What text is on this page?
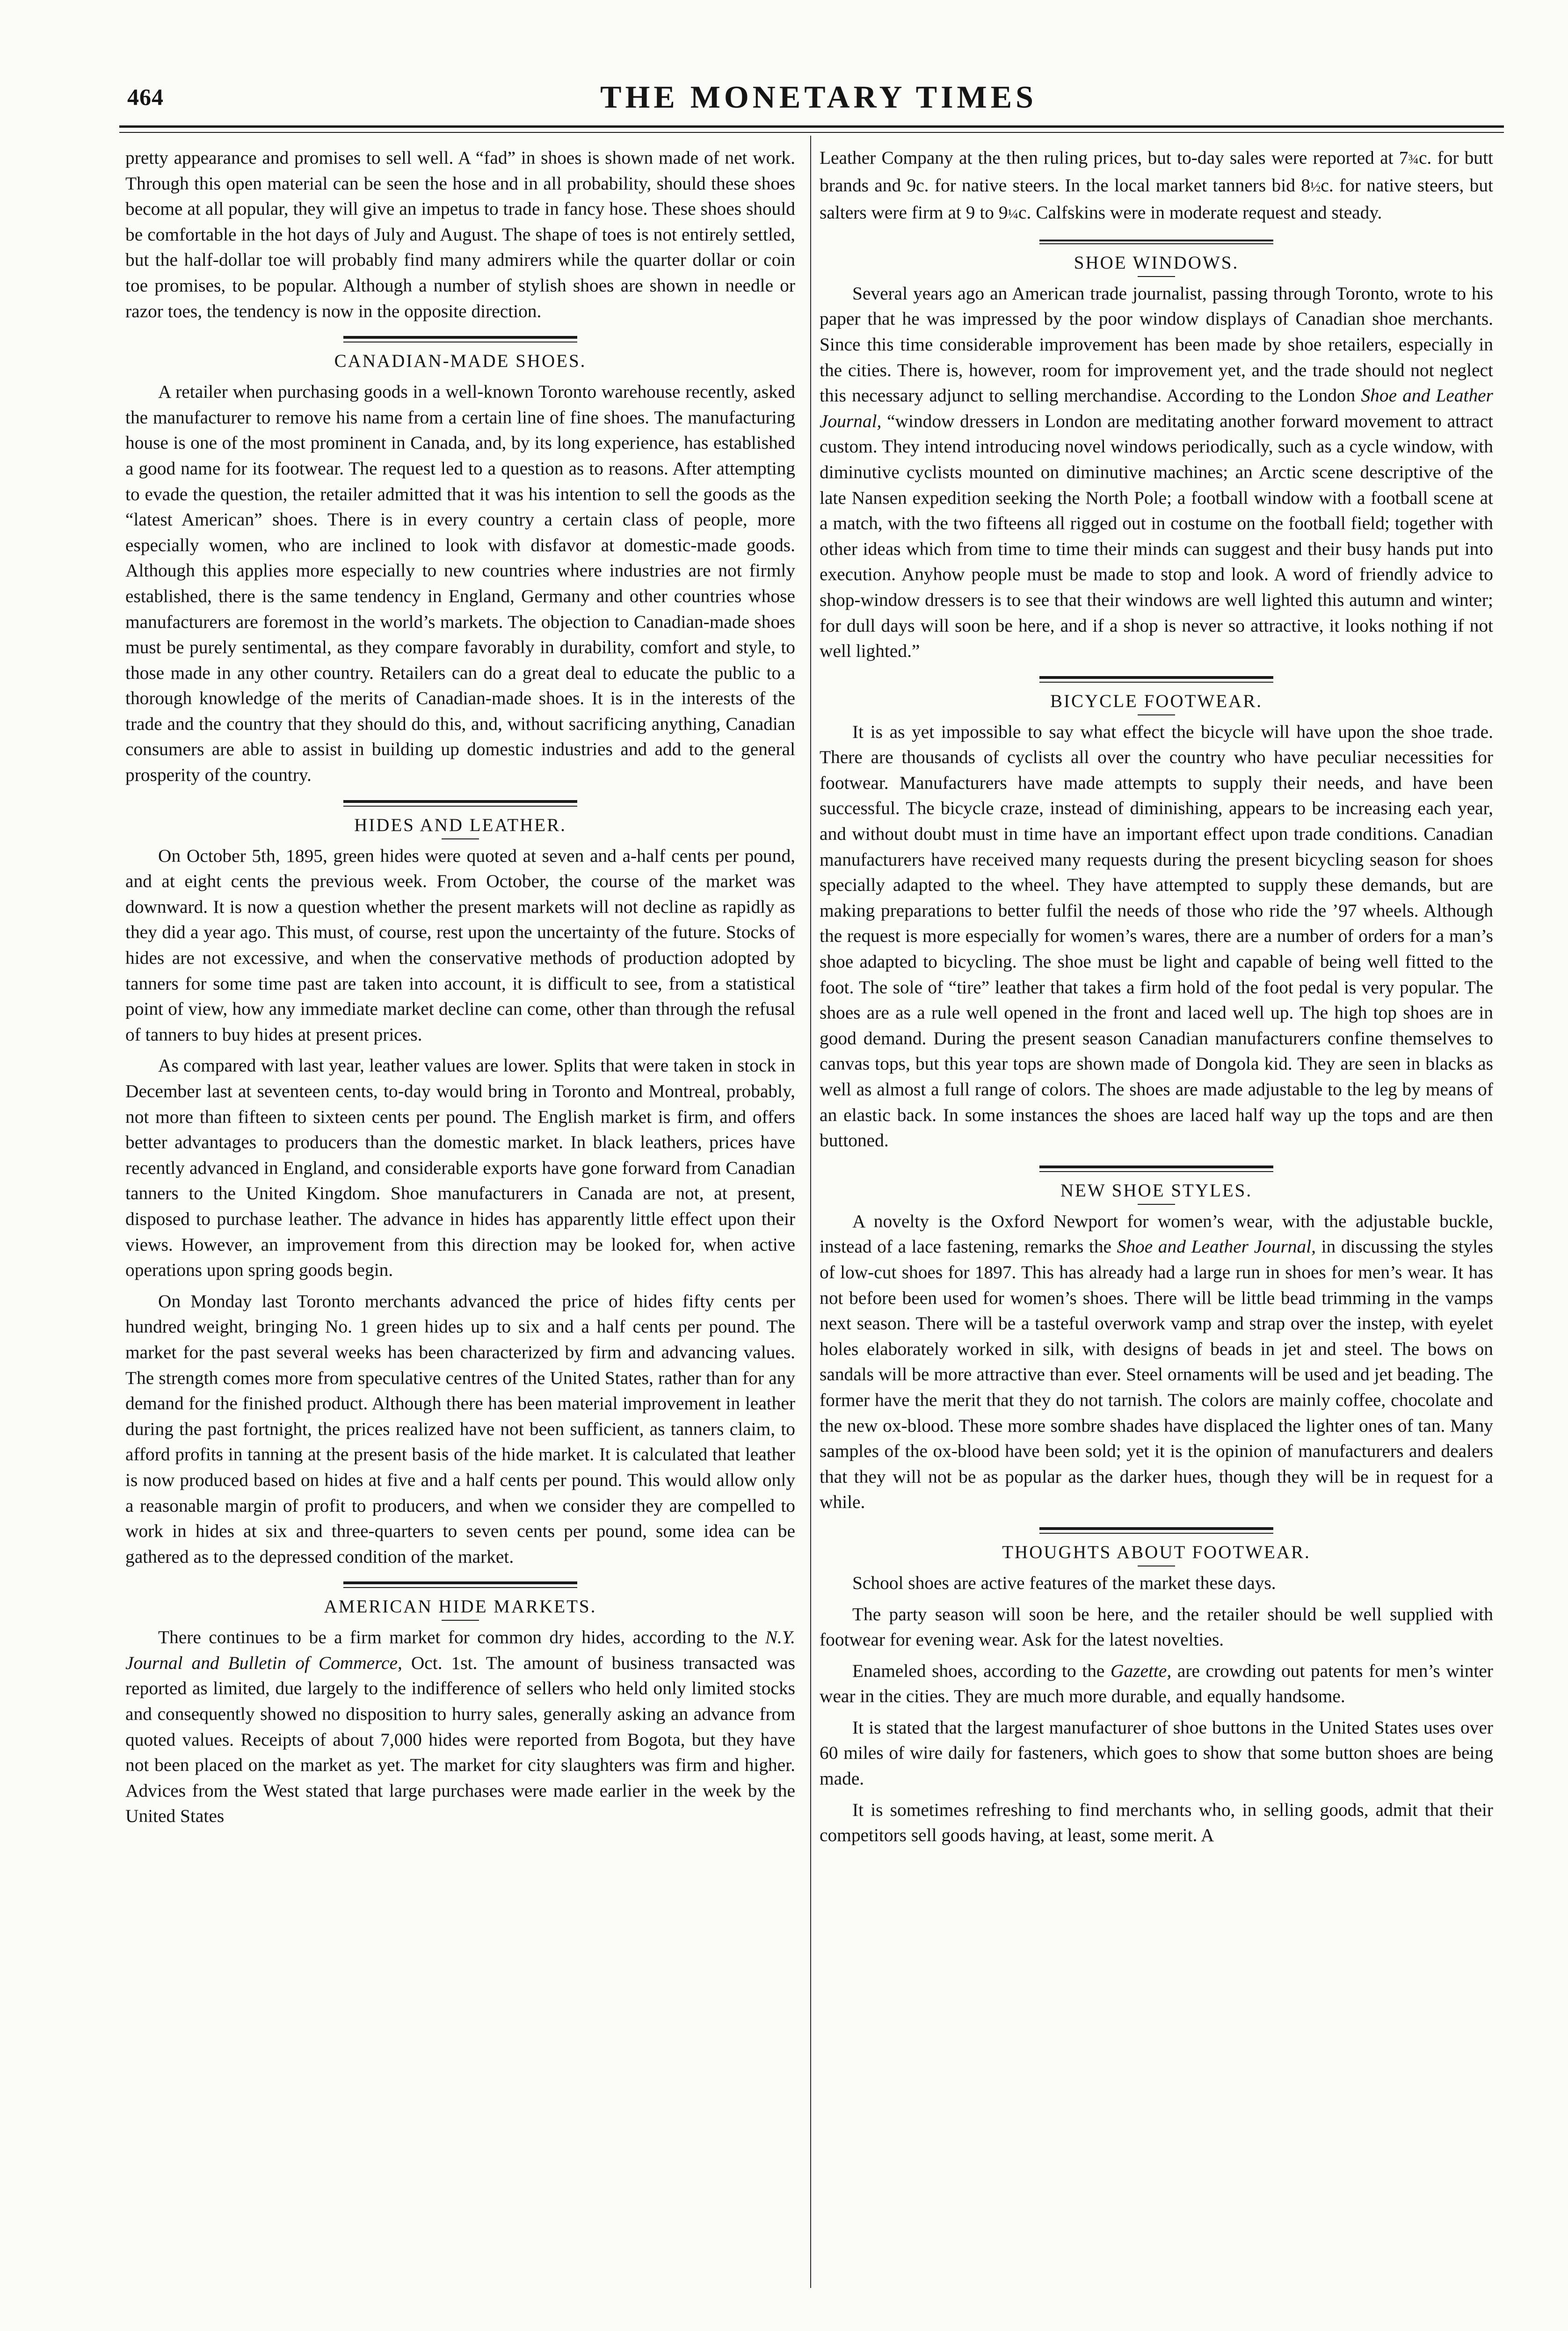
464	THE MONETARY TIMES

pretty appearance and promises to sell well. A “fad” in shoes is shown made of net work. Through this open material can be seen the hose and in all probability, should these shoes become at all popular, they will give an impetus to trade in fancy hose. These shoes should be comfortable in the hot days of July and August. The shape of toes is not entirely settled, but the half-dollar toe will probably find many admirers while the quarter dollar or coin toe promises, to be popular. Although a number of stylish shoes are shown in needle or razor toes, the tendency is now in the opposite direction.

CANADIAN-MADE SHOES.

A retailer when purchasing goods in a well-known Toronto warehouse recently, asked the manufacturer to remove his name from a certain line of fine shoes. The manufacturing house is one of the most prominent in Canada, and, by its long experience, has established a good name for its footwear. The request led to a question as to reasons. After attempting to evade the question, the retailer admitted that it was his intention to sell the goods as the “latest American” shoes. There is in every country a certain class of people, more especially women, who are inclined to look with disfavor at domestic-made goods. Although this applies more especially to new countries where industries are not firmly established, there is the same tendency in England, Germany and other countries whose manufacturers are foremost in the world’s markets. The objection to Canadian-made shoes must be purely sentimental, as they compare favorably in durability, comfort and style, to those made in any other country. Retailers can do a great deal to educate the public to a thorough knowledge of the merits of Canadian-made shoes. It is in the interests of the trade and the country that they should do this, and, without sacrificing anything, Canadian consumers are able to assist in building up domestic industries and add to the general prosperity of the country.

HIDES AND LEATHER.

On October 5th, 1895, green hides were quoted at seven and a-half cents per pound, and at eight cents the previous week. From October, the course of the market was downward. It is now a question whether the present markets will not decline as rapidly as they did a year ago. This must, of course, rest upon the uncertainty of the future. Stocks of hides are not excessive, and when the conservative methods of production adopted by tanners for some time past are taken into account, it is difficult to see, from a statistical point of view, how any immediate market decline can come, other than through the refusal of tanners to buy hides at present prices.

As compared with last year, leather values are lower. Splits that were taken in stock in December last at seventeen cents, to-day would bring in Toronto and Montreal, probably, not more than fifteen to sixteen cents per pound. The English market is firm, and offers better advantages to producers than the domestic market. In black leathers, prices have recently advanced in England, and considerable exports have gone forward from Canadian tanners to the United Kingdom. Shoe manufacturers in Canada are not, at present, disposed to purchase leather. The advance in hides has apparently little effect upon their views. However, an improvement from this direction may be looked for, when active operations upon spring goods begin.

On Monday last Toronto merchants advanced the price of hides fifty cents per hundred weight, bringing No. 1 green hides up to six and a half cents per pound. The market for the past several weeks has been characterized by firm and advancing values. The strength comes more from speculative centres of the United States, rather than for any demand for the finished product. Although there has been material improvement in leather during the past fortnight, the prices realized have not been sufficient, as tanners claim, to afford profits in tanning at the present basis of the hide market. It is calculated that leather is now produced based on hides at five and a half cents per pound. This would allow only a reasonable margin of profit to producers, and when we consider they are compelled to work in hides at six and three-quarters to seven cents per pound, some idea can be gathered as to the depressed condition of the market.

AMERICAN HIDE MARKETS.

There continues to be a firm market for common dry hides, according to the N.Y. Journal and Bulletin of Commerce, Oct. 1st. The amount of business transacted was reported as limited, due largely to the indifference of sellers who held only limited stocks and consequently showed no disposition to hurry sales, generally asking an advance from quoted values. Receipts of about 7,000 hides were reported from Bogota, but they have not been placed on the market as yet. The market for city slaughters was firm and higher. Advices from the West stated that large purchases were made earlier in the week by the United States

Leather Company at the then ruling prices, but to-day sales were reported at 7¾c. for butt brands and 9c. for native steers. In the local market tanners bid 8½c. for native steers, but salters were firm at 9 to 9¼c. Calfskins were in moderate request and steady.

SHOE WINDOWS.

Several years ago an American trade journalist, passing through Toronto, wrote to his paper that he was impressed by the poor window displays of Canadian shoe merchants. Since this time considerable improvement has been made by shoe retailers, especially in the cities. There is, however, room for improvement yet, and the trade should not neglect this necessary adjunct to selling merchandise. According to the London Shoe and Leather Journal, “window dressers in London are meditating another forward movement to attract custom. They intend introducing novel windows periodically, such as a cycle window, with diminutive cyclists mounted on diminutive machines; an Arctic scene descriptive of the late Nansen expedition seeking the North Pole; a football window with a football scene at a match, with the two fifteens all rigged out in costume on the football field; together with other ideas which from time to time their minds can suggest and their busy hands put into execution. Anyhow people must be made to stop and look. A word of friendly advice to shop-window dressers is to see that their windows are well lighted this autumn and winter; for dull days will soon be here, and if a shop is never so attractive, it looks nothing if not well lighted.”

BICYCLE FOOTWEAR.

It is as yet impossible to say what effect the bicycle will have upon the shoe trade. There are thousands of cyclists all over the country who have peculiar necessities for footwear. Manufacturers have made attempts to supply their needs, and have been successful. The bicycle craze, instead of diminishing, appears to be increasing each year, and without doubt must in time have an important effect upon trade conditions. Canadian manufacturers have received many requests during the present bicycling season for shoes specially adapted to the wheel. They have attempted to supply these demands, but are making preparations to better fulfil the needs of those who ride the ’97 wheels. Although the request is more especially for women’s wares, there are a number of orders for a man’s shoe adapted to bicycling. The shoe must be light and capable of being well fitted to the foot. The sole of “tire” leather that takes a firm hold of the foot pedal is very popular. The shoes are as a rule well opened in the front and laced well up. The high top shoes are in good demand. During the present season Canadian manufacturers confine themselves to canvas tops, but this year tops are shown made of Dongola kid. They are seen in blacks as well as almost a full range of colors. The shoes are made adjustable to the leg by means of an elastic back. In some instances the shoes are laced half way up the tops and are then buttoned.

NEW SHOE STYLES.

A novelty is the Oxford Newport for women’s wear, with the adjustable buckle, instead of a lace fastening, remarks the Shoe and Leather Journal, in discussing the styles of low-cut shoes for 1897. This has already had a large run in shoes for men’s wear. It has not before been used for women’s shoes. There will be little bead trimming in the vamps next season. There will be a tasteful overwork vamp and strap over the instep, with eyelet holes elaborately worked in silk, with designs of beads in jet and steel. The bows on sandals will be more attractive than ever. Steel ornaments will be used and jet beading. The former have the merit that they do not tarnish. The colors are mainly coffee, chocolate and the new ox-blood. These more sombre shades have displaced the lighter ones of tan. Many samples of the ox-blood have been sold; yet it is the opinion of manufacturers and dealers that they will not be as popular as the darker hues, though they will be in request for a while.

THOUGHTS ABOUT FOOTWEAR.

School shoes are active features of the market these days.

The party season will soon be here, and the retailer should be well supplied with footwear for evening wear. Ask for the latest novelties.

Enameled shoes, according to the Gazette, are crowding out patents for men’s winter wear in the cities. They are much more durable, and equally handsome.

It is stated that the largest manufacturer of shoe buttons in the United States uses over 60 miles of wire daily for fasteners, which goes to show that some button shoes are being made.

It is sometimes refreshing to find merchants who, in selling goods, admit that their competitors sell goods having, at least, some merit. A
